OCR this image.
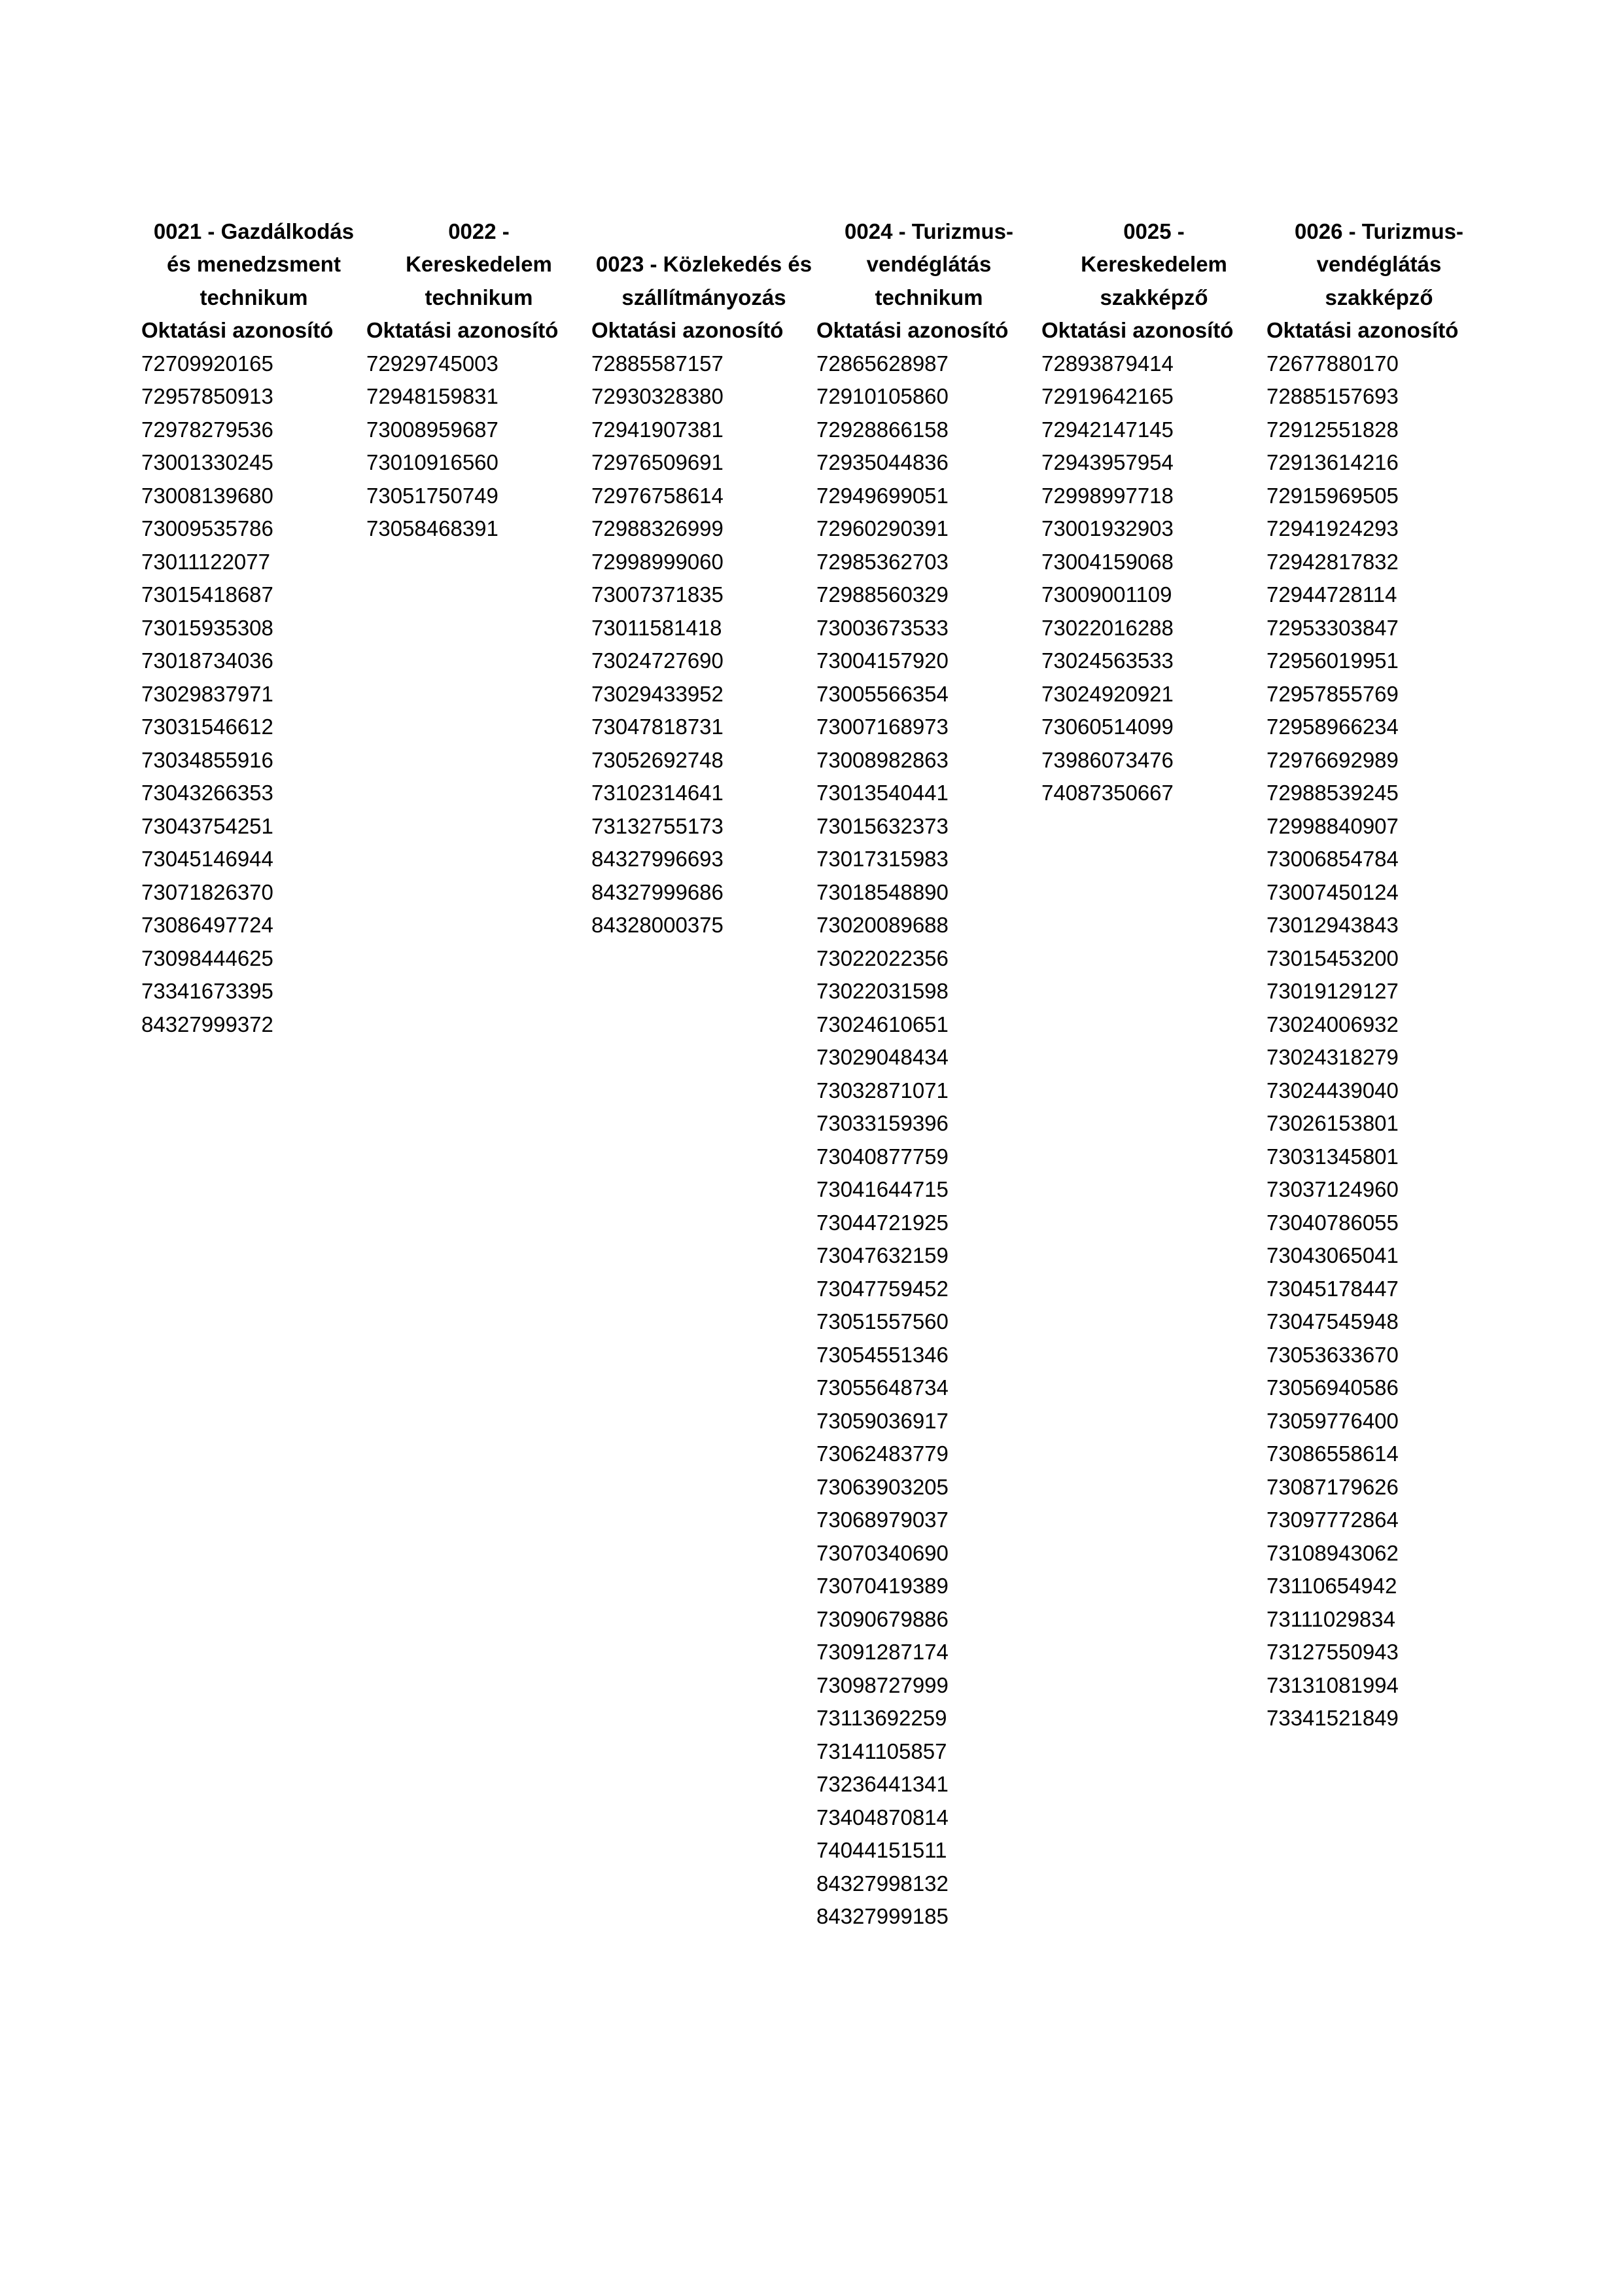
0021 - Gazdálkodás
és menedzsment
technikum
Oktatási azonosító
72709920165
72957850913
72978279536
73001330245
73008139680
73009535786
73011122077
73015418687
73015935308
73018734036
73029837971
73031546612
73034855916
73043266353
73043754251
73045146944
73071826370
73086497724
73098444625
73341673395
84327999372
0022 -
Kereskedelem
technikum
Oktatási azonosító
72929745003
72948159831
73008959687
73010916560
73051750749
73058468391
0023 - Közlekedés és
szállítmányozás
Oktatási azonosító
72885587157
72930328380
72941907381
72976509691
72976758614
72988326999
72998999060
73007371835
73011581418
73024727690
73029433952
73047818731
73052692748
73102314641
73132755173
84327996693
84327999686
84328000375
0024 - Turizmus-
vendéglátás
technikum
Oktatási azonosító
72865628987
72910105860
72928866158
72935044836
72949699051
72960290391
72985362703
72988560329
73003673533
73004157920
73005566354
73007168973
73008982863
73013540441
73015632373
73017315983
73018548890
73020089688
73022022356
73022031598
73024610651
73029048434
73032871071
73033159396
73040877759
73041644715
73044721925
73047632159
73047759452
73051557560
73054551346
73055648734
73059036917
73062483779
73063903205
73068979037
73070340690
73070419389
73090679886
73091287174
73098727999
73113692259
73141105857
73236441341
73404870814
74044151511
84327998132
84327999185
0025 -
Kereskedelem
szakképző
Oktatási azonosító
72893879414
72919642165
72942147145
72943957954
72998997718
73001932903
73004159068
73009001109
73022016288
73024563533
73024920921
73060514099
73986073476
74087350667
0026 - Turizmus-
vendéglátás
szakképző
Oktatási azonosító
72677880170
72885157693
72912551828
72913614216
72915969505
72941924293
72942817832
72944728114
72953303847
72956019951
72957855769
72958966234
72976692989
72988539245
72998840907
73006854784
73007450124
73012943843
73015453200
73019129127
73024006932
73024318279
73024439040
73026153801
73031345801
73037124960
73040786055
73043065041
73045178447
73047545948
73053633670
73056940586
73059776400
73086558614
73087179626
73097772864
73108943062
73110654942
73111029834
73127550943
73131081994
73341521849
